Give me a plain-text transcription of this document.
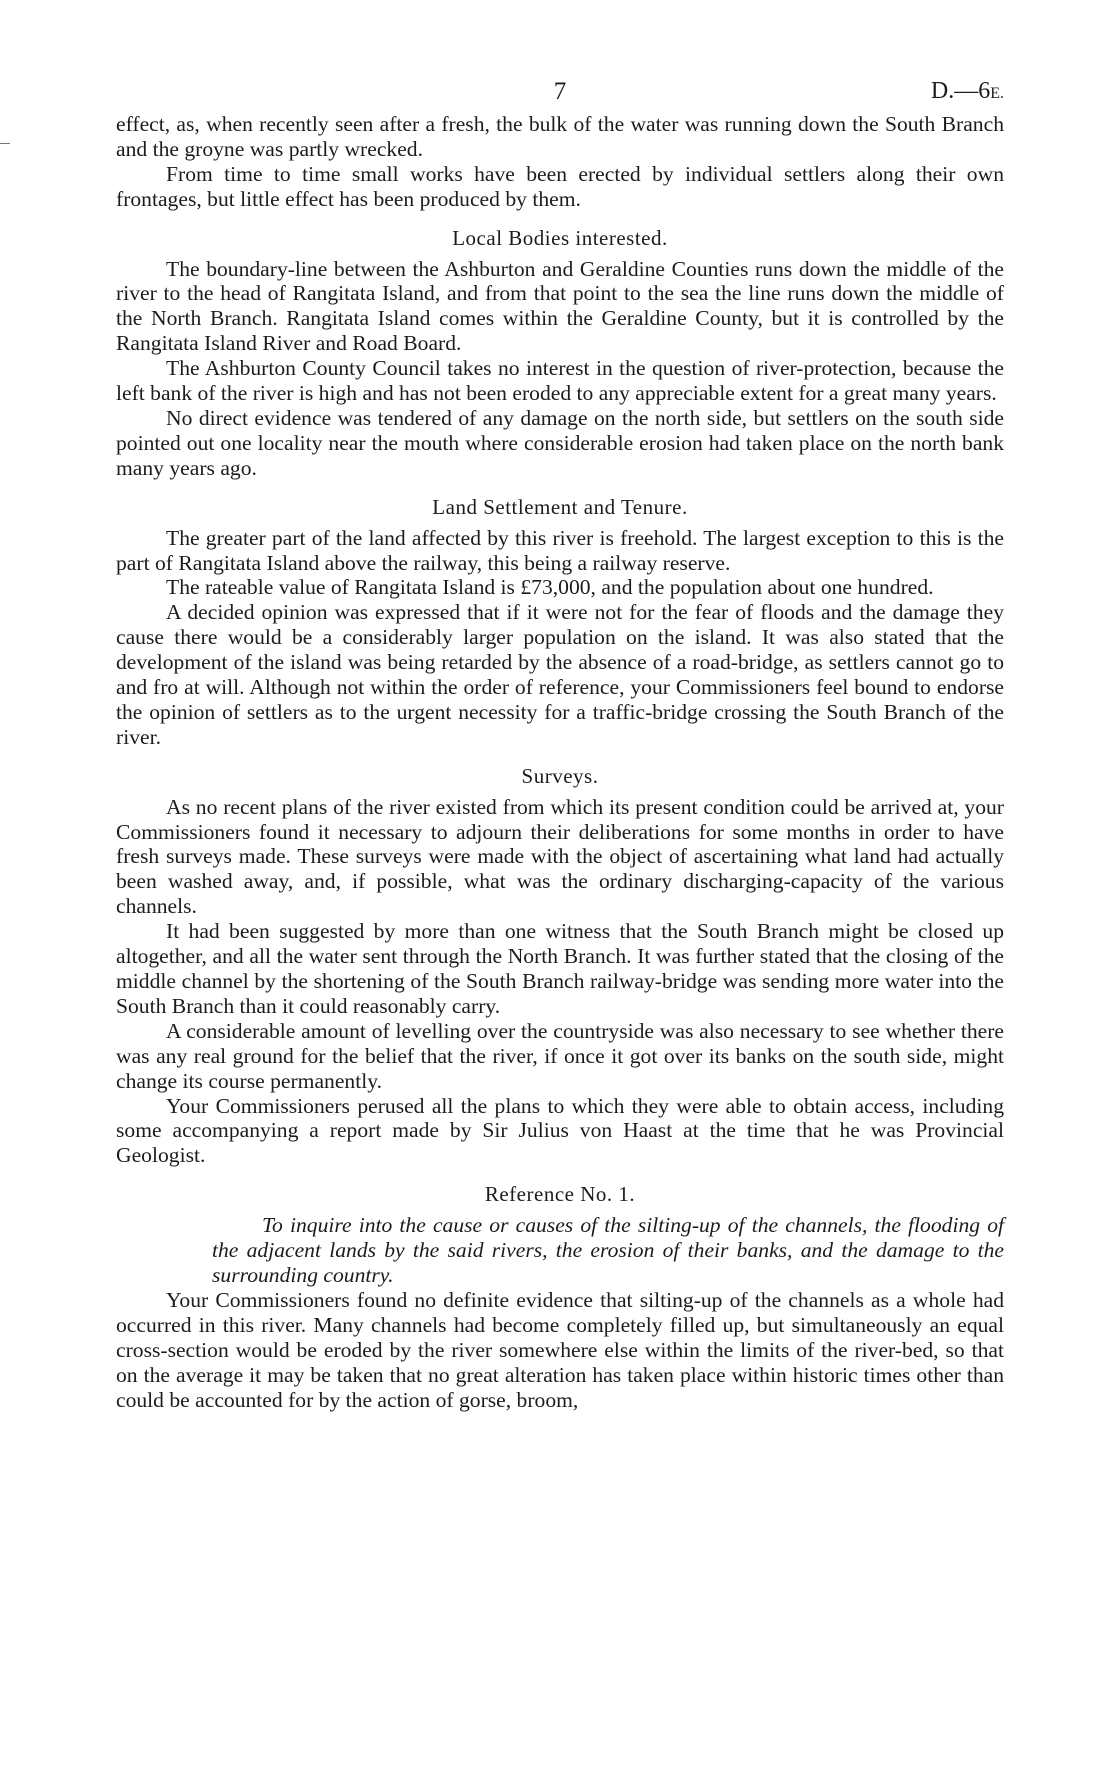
7	D.—6E.

effect, as, when recently seen after a fresh, the bulk of the water was running down the South Branch and the groyne was partly wrecked.

From time to time small works have been erected by individual settlers along their own frontages, but little effect has been produced by them.

Local Bodies interested.

The boundary-line between the Ashburton and Geraldine Counties runs down the middle of the river to the head of Rangitata Island, and from that point to the sea the line runs down the middle of the North Branch. Rangitata Island comes within the Geraldine County, but it is controlled by the Rangitata Island River and Road Board.

The Ashburton County Council takes no interest in the question of river-protection, because the left bank of the river is high and has not been eroded to any appreciable extent for a great many years.

No direct evidence was tendered of any damage on the north side, but settlers on the south side pointed out one locality near the mouth where considerable erosion had taken place on the north bank many years ago.

Land Settlement and Tenure.

The greater part of the land affected by this river is freehold. The largest exception to this is the part of Rangitata Island above the railway, this being a railway reserve.

The rateable value of Rangitata Island is £73,000, and the population about one hundred.

A decided opinion was expressed that if it were not for the fear of floods and the damage they cause there would be a considerably larger population on the island. It was also stated that the development of the island was being retarded by the absence of a road-bridge, as settlers cannot go to and fro at will. Although not within the order of reference, your Commissioners feel bound to endorse the opinion of settlers as to the urgent necessity for a traffic-bridge crossing the South Branch of the river.

Surveys.

As no recent plans of the river existed from which its present condition could be arrived at, your Commissioners found it necessary to adjourn their deliberations for some months in order to have fresh surveys made. These surveys were made with the object of ascertaining what land had actually been washed away, and, if possible, what was the ordinary discharging-capacity of the various channels.

It had been suggested by more than one witness that the South Branch might be closed up altogether, and all the water sent through the North Branch. It was further stated that the closing of the middle channel by the shortening of the South Branch railway-bridge was sending more water into the South Branch than it could reasonably carry.

A considerable amount of levelling over the countryside was also necessary to see whether there was any real ground for the belief that the river, if once it got over its banks on the south side, might change its course permanently.

Your Commissioners perused all the plans to which they were able to obtain access, including some accompanying a report made by Sir Julius von Haast at the time that he was Provincial Geologist.

Reference No. 1.

To inquire into the cause or causes of the silting-up of the channels, the flooding of the adjacent lands by the said rivers, the erosion of their banks, and the damage to the surrounding country.

Your Commissioners found no definite evidence that silting-up of the channels as a whole had occurred in this river. Many channels had become completely filled up, but simultaneously an equal cross-section would be eroded by the river somewhere else within the limits of the river-bed, so that on the average it may be taken that no great alteration has taken place within historic times other than could be accounted for by the action of gorse, broom,
